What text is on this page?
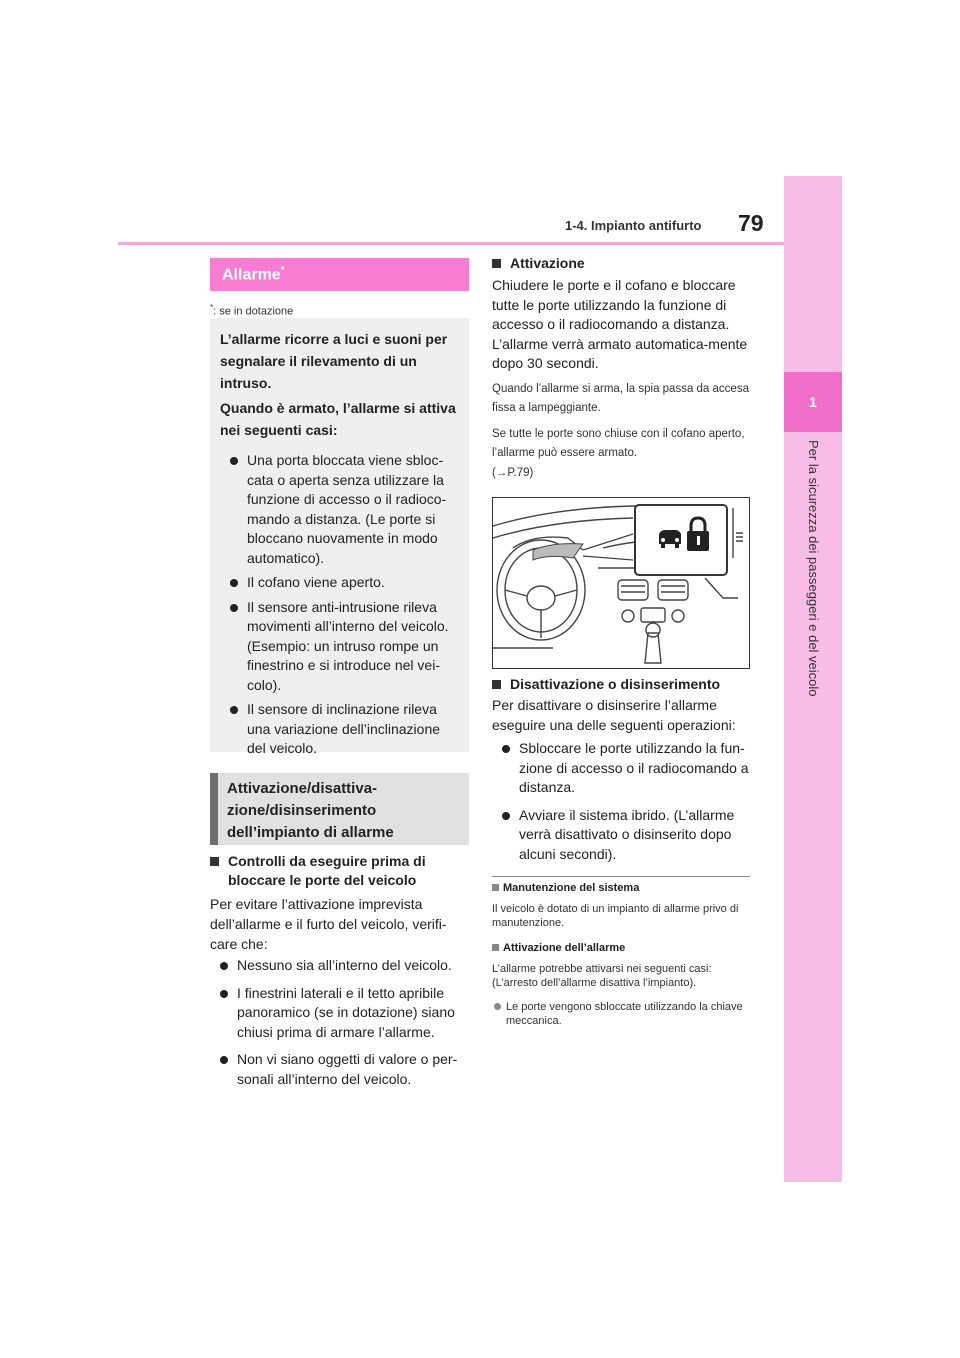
1-4. Impianto antifurto 79
1
Per la sicurezza dei passeggeri e del veicolo
Allarme*
*: se in dotazione

L’allarme ricorre a luci e suoni per segnalare il rilevamento di un intruso.

Quando è armato, l’allarme si attiva nei seguenti casi:

Una porta bloccata viene sbloc-cata o aperta senza utilizzare la funzione di accesso o il radioco-mando a distanza. (Le porte si bloccano nuovamente in modo automatico).
Il cofano viene aperto.
Il sensore anti-intrusione rileva movimenti all’interno del veicolo. (Esempio: un intruso rompe un finestrino e si introduce nel vei-colo).
Il sensore di inclinazione rileva una variazione dell’inclinazione del veicolo.
Attivazione/disattiva-zione/disinserimento dell’impianto di allarme
Controlli da eseguire prima di bloccare le porte del veicolo
Per evitare l’attivazione imprevista dell’allarme e il furto del veicolo, verifi-care che:
Nessuno sia all’interno del veicolo.
I finestrini laterali e il tetto apribile panoramico (se in dotazione) siano chiusi prima di armare l’allarme.
Non vi siano oggetti di valore o per-sonali all’interno del veicolo.
Attivazione
Chiudere le porte e il cofano e bloccare tutte le porte utilizzando la funzione di accesso o il radiocomando a distanza. L’allarme verrà armato automatica-mente dopo 30 secondi.
Quando l’allarme si arma, la spia passa da accesa fissa a lampeggiante.
Se tutte le porte sono chiuse con il cofano aperto, l’allarme può essere armato.
(→P.79)
Disattivazione o disinserimento
Per disattivare o disinserire l’allarme eseguire una delle seguenti operazioni:
Sbloccare le porte utilizzando la fun-zione di accesso o il radiocomando a distanza.
Avviare il sistema ibrido. (L’allarme verrà disattivato o disinserito dopo alcuni secondi).
Manutenzione del sistema
Il veicolo è dotato di un impianto di allarme privo di manutenzione.
Attivazione dell’allarme
L’allarme potrebbe attivarsi nei seguenti casi: (L’arresto dell’allarme disattiva l’impianto).
Le porte vengono sbloccate utilizzando la chiave meccanica.
